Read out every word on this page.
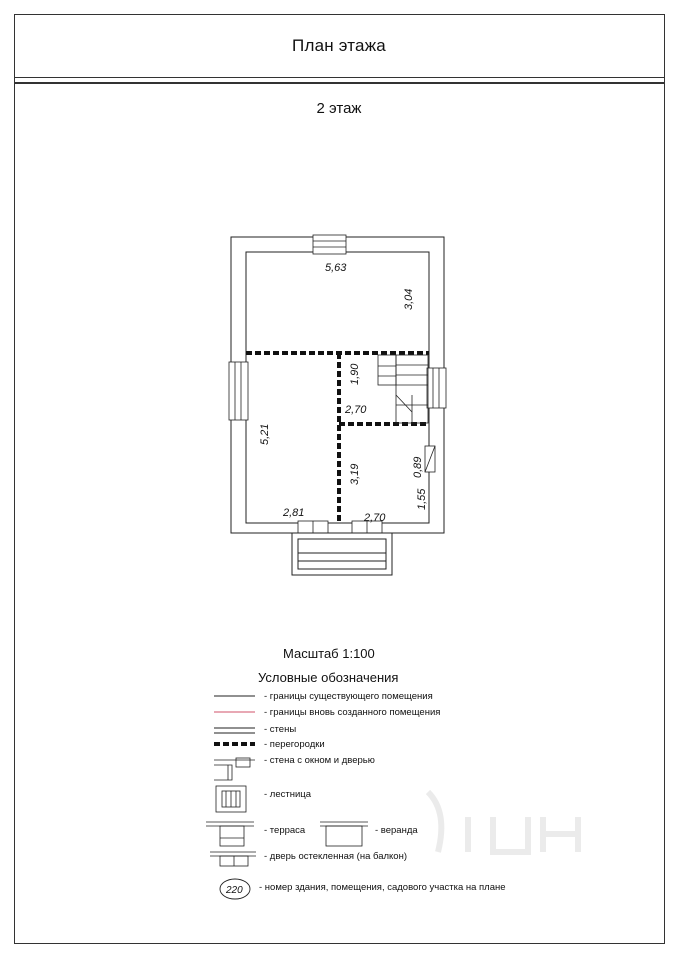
План этажа
2 этаж
5,63
3,04
1,90
2,70
5,21
3,19	0,89
1,55
2,81	2,70
Масштаб 1:100
Условные обозначения
220
- границы существующего помещения
- границы вновь созданного помещения
- стены
- перегородки
- стена с окном и дверью
- лестница
- терраса	- веранда
- дверь остекленная (на балкон)
- номер здания, помещения, садового участка на плане
